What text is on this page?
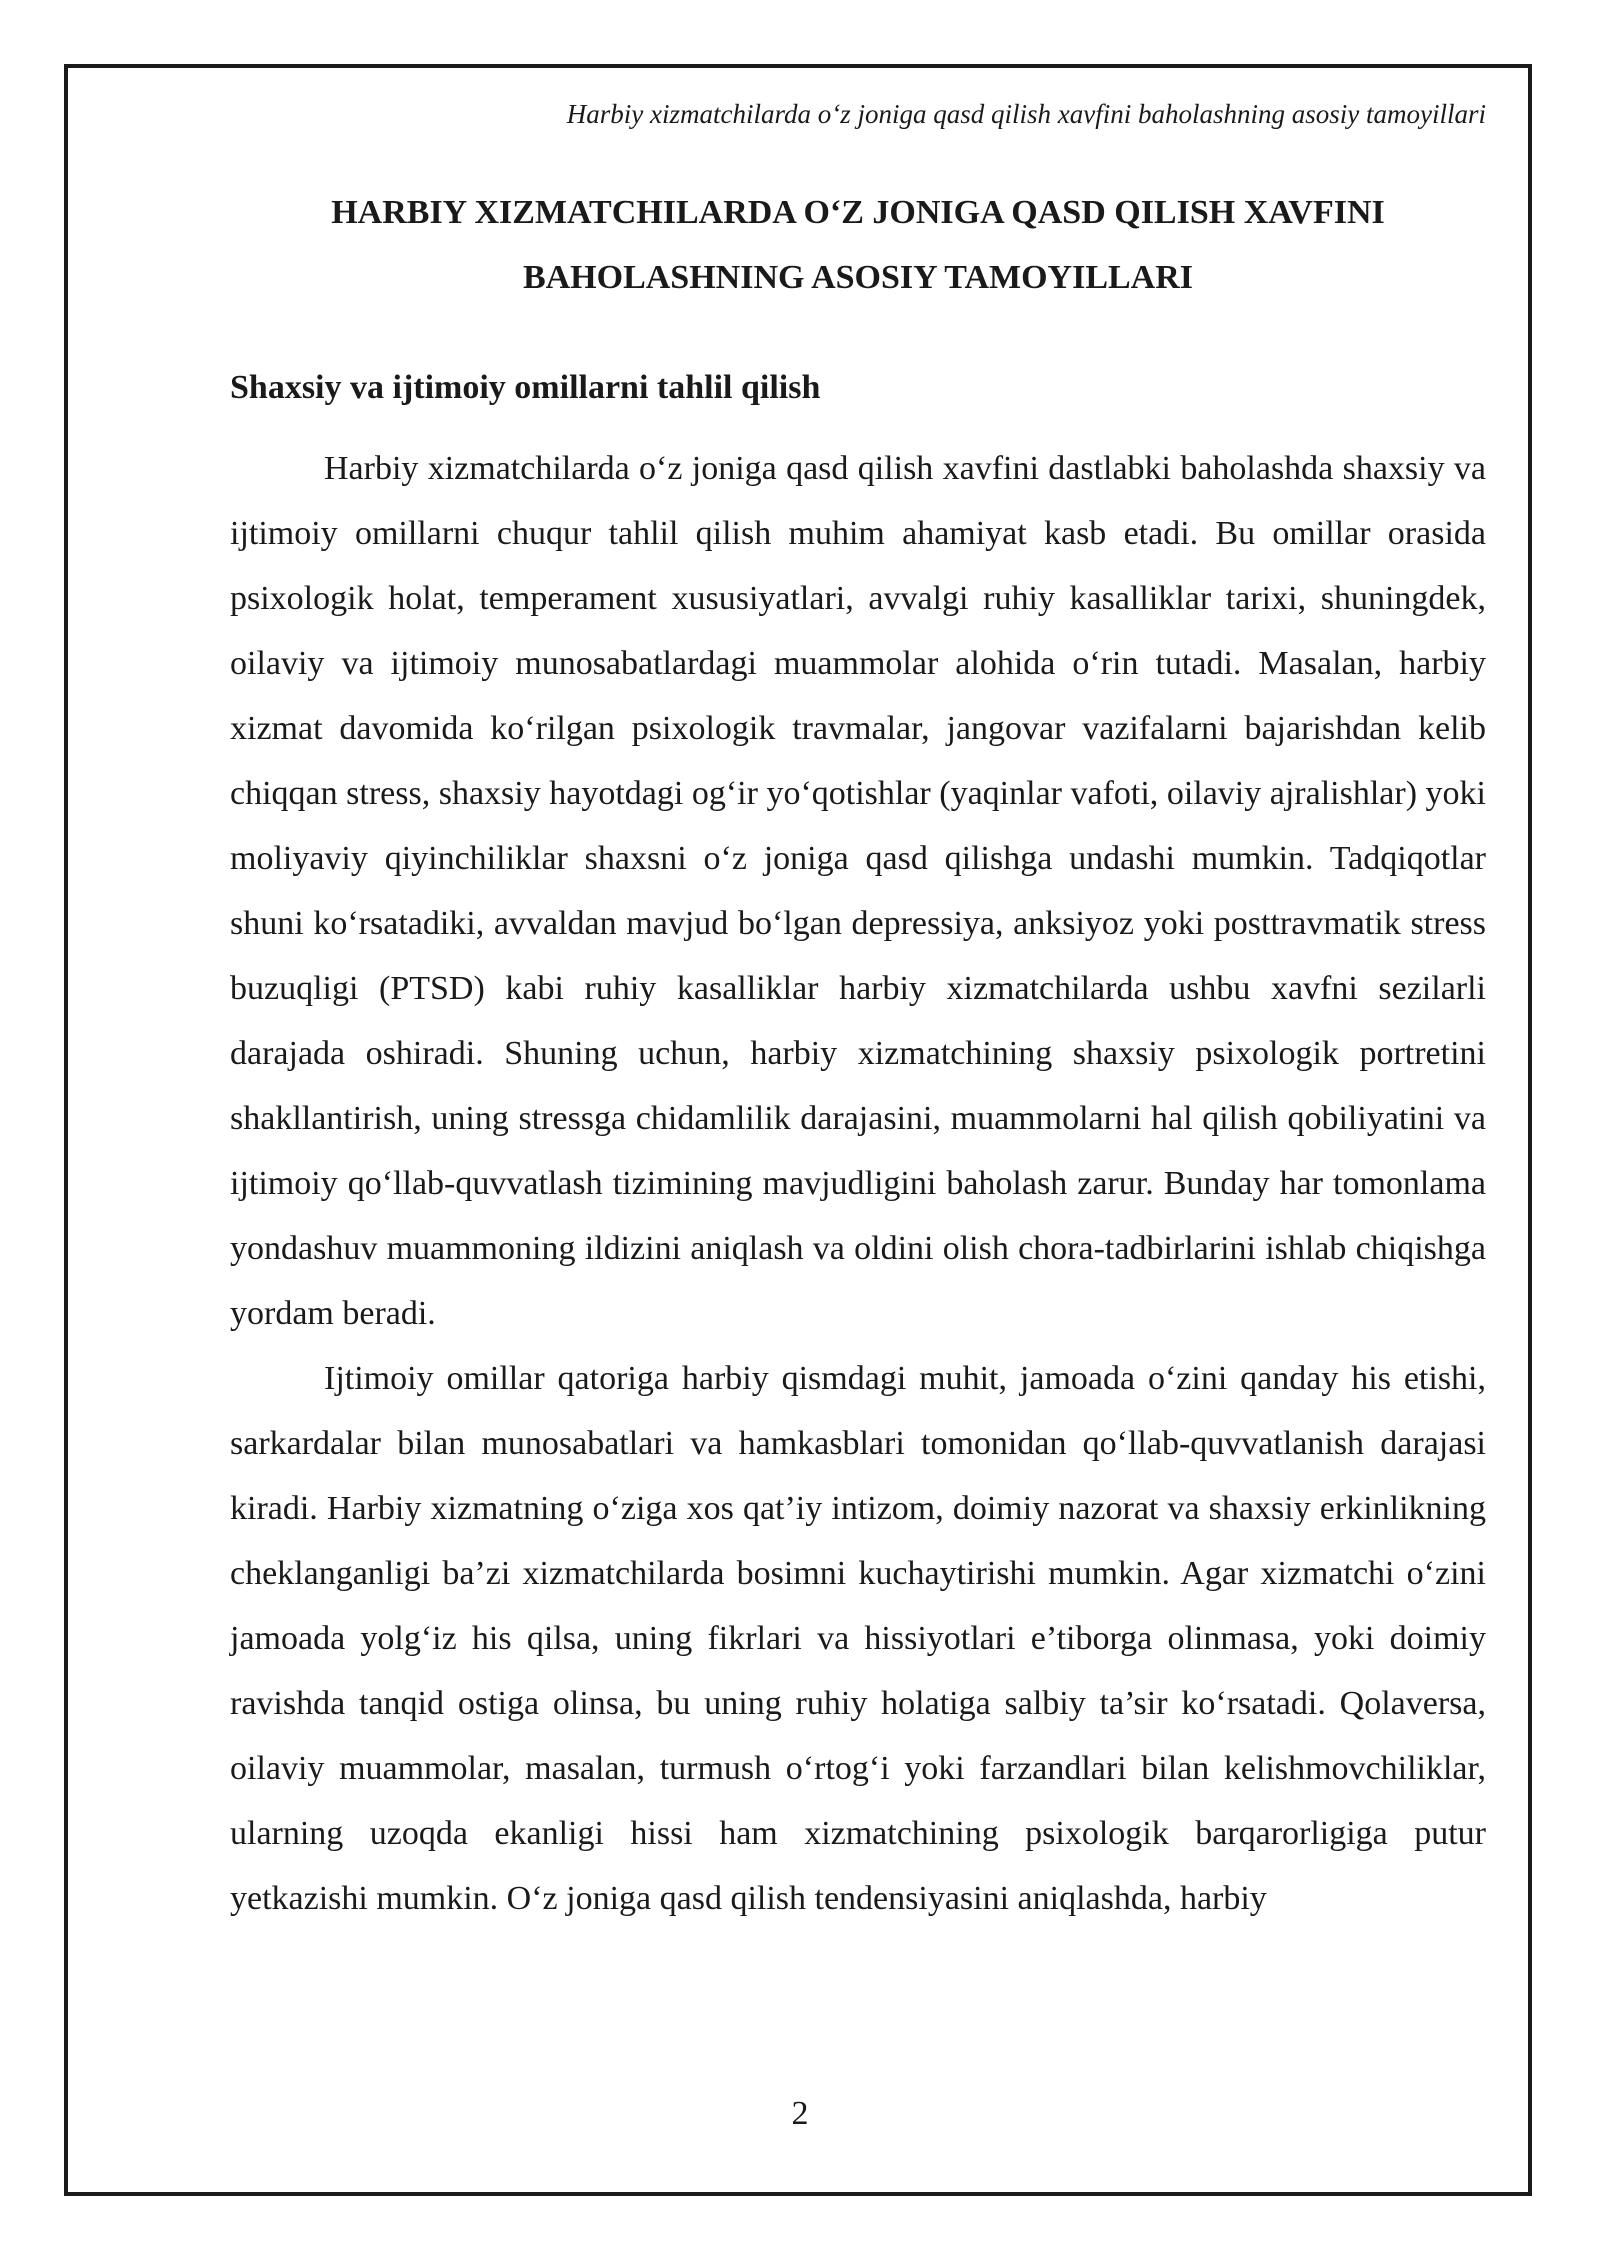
Harbiy xizmatchilarda o‘z joniga qasd qilish xavfini baholashning asosiy tamoyillari
HARBIY XIZMATCHILARDA O‘Z JONIGA QASD QILISH XAVFINI
BAHOLASHNING ASOSIY TAMOYILLARI
Shaxsiy va ijtimoiy omillarni tahlil qilish

Harbiy xizmatchilarda o‘z joniga qasd qilish xavfini dastlabki baholashda shaxsiy va ijtimoiy omillarni chuqur tahlil qilish muhim ahamiyat kasb etadi. Bu omillar orasida psixologik holat, temperament xususiyatlari, avvalgi ruhiy kasalliklar tarixi, shuningdek, oilaviy va ijtimoiy munosabatlardagi muammolar alohida o‘rin tutadi. Masalan, harbiy xizmat davomida ko‘rilgan psixologik travmalar, jangovar vazifalarni bajarishdan kelib chiqqan stress, shaxsiy hayotdagi og‘ir yo‘qotishlar (yaqinlar vafoti, oilaviy ajralishlar) yoki moliyaviy qiyinchiliklar shaxsni o‘z joniga qasd qilishga undashi mumkin. Tadqiqotlar shuni ko‘rsatadiki, avvaldan mavjud bo‘lgan depressiya, anksiyoz yoki posttravmatik stress buzuqligi (PTSD) kabi ruhiy kasalliklar harbiy xizmatchilarda ushbu xavfni sezilarli darajada oshiradi. Shuning uchun, harbiy xizmatchining shaxsiy psixologik portretini shakllantirish, uning stressga chidamlilik darajasini, muammolarni hal qilish qobiliyatini va ijtimoiy qo‘llab-quvvatlash tizimining mavjudligini baholash zarur. Bunday har tomonlama yondashuv muammoning ildizini aniqlash va oldini olish chora-tadbirlarini ishlab chiqishga yordam beradi.

Ijtimoiy omillar qatoriga harbiy qismdagi muhit, jamoada o‘zini qanday his etishi, sarkardalar bilan munosabatlari va hamkasblari tomonidan qo‘llab-quvvatlanish darajasi kiradi. Harbiy xizmatning o‘ziga xos qat’iy intizom, doimiy nazorat va shaxsiy erkinlikning cheklanganligi ba’zi xizmatchilarda bosimni kuchaytirishi mumkin. Agar xizmatchi o‘zini jamoada yolg‘iz his qilsa, uning fikrlari va hissiyotlari e’tiborga olinmasa, yoki doimiy ravishda tanqid ostiga olinsa, bu uning ruhiy holatiga salbiy ta’sir ko‘rsatadi. Qolaversa, oilaviy muammolar, masalan, turmush o‘rtog‘i yoki farzandlari bilan kelishmovchiliklar, ularning uzoqda ekanligi hissi ham xizmatchining psixologik barqarorligiga putur yetkazishi mumkin. O‘z joniga qasd qilish tendensiyasini aniqlashda, harbiy

2
